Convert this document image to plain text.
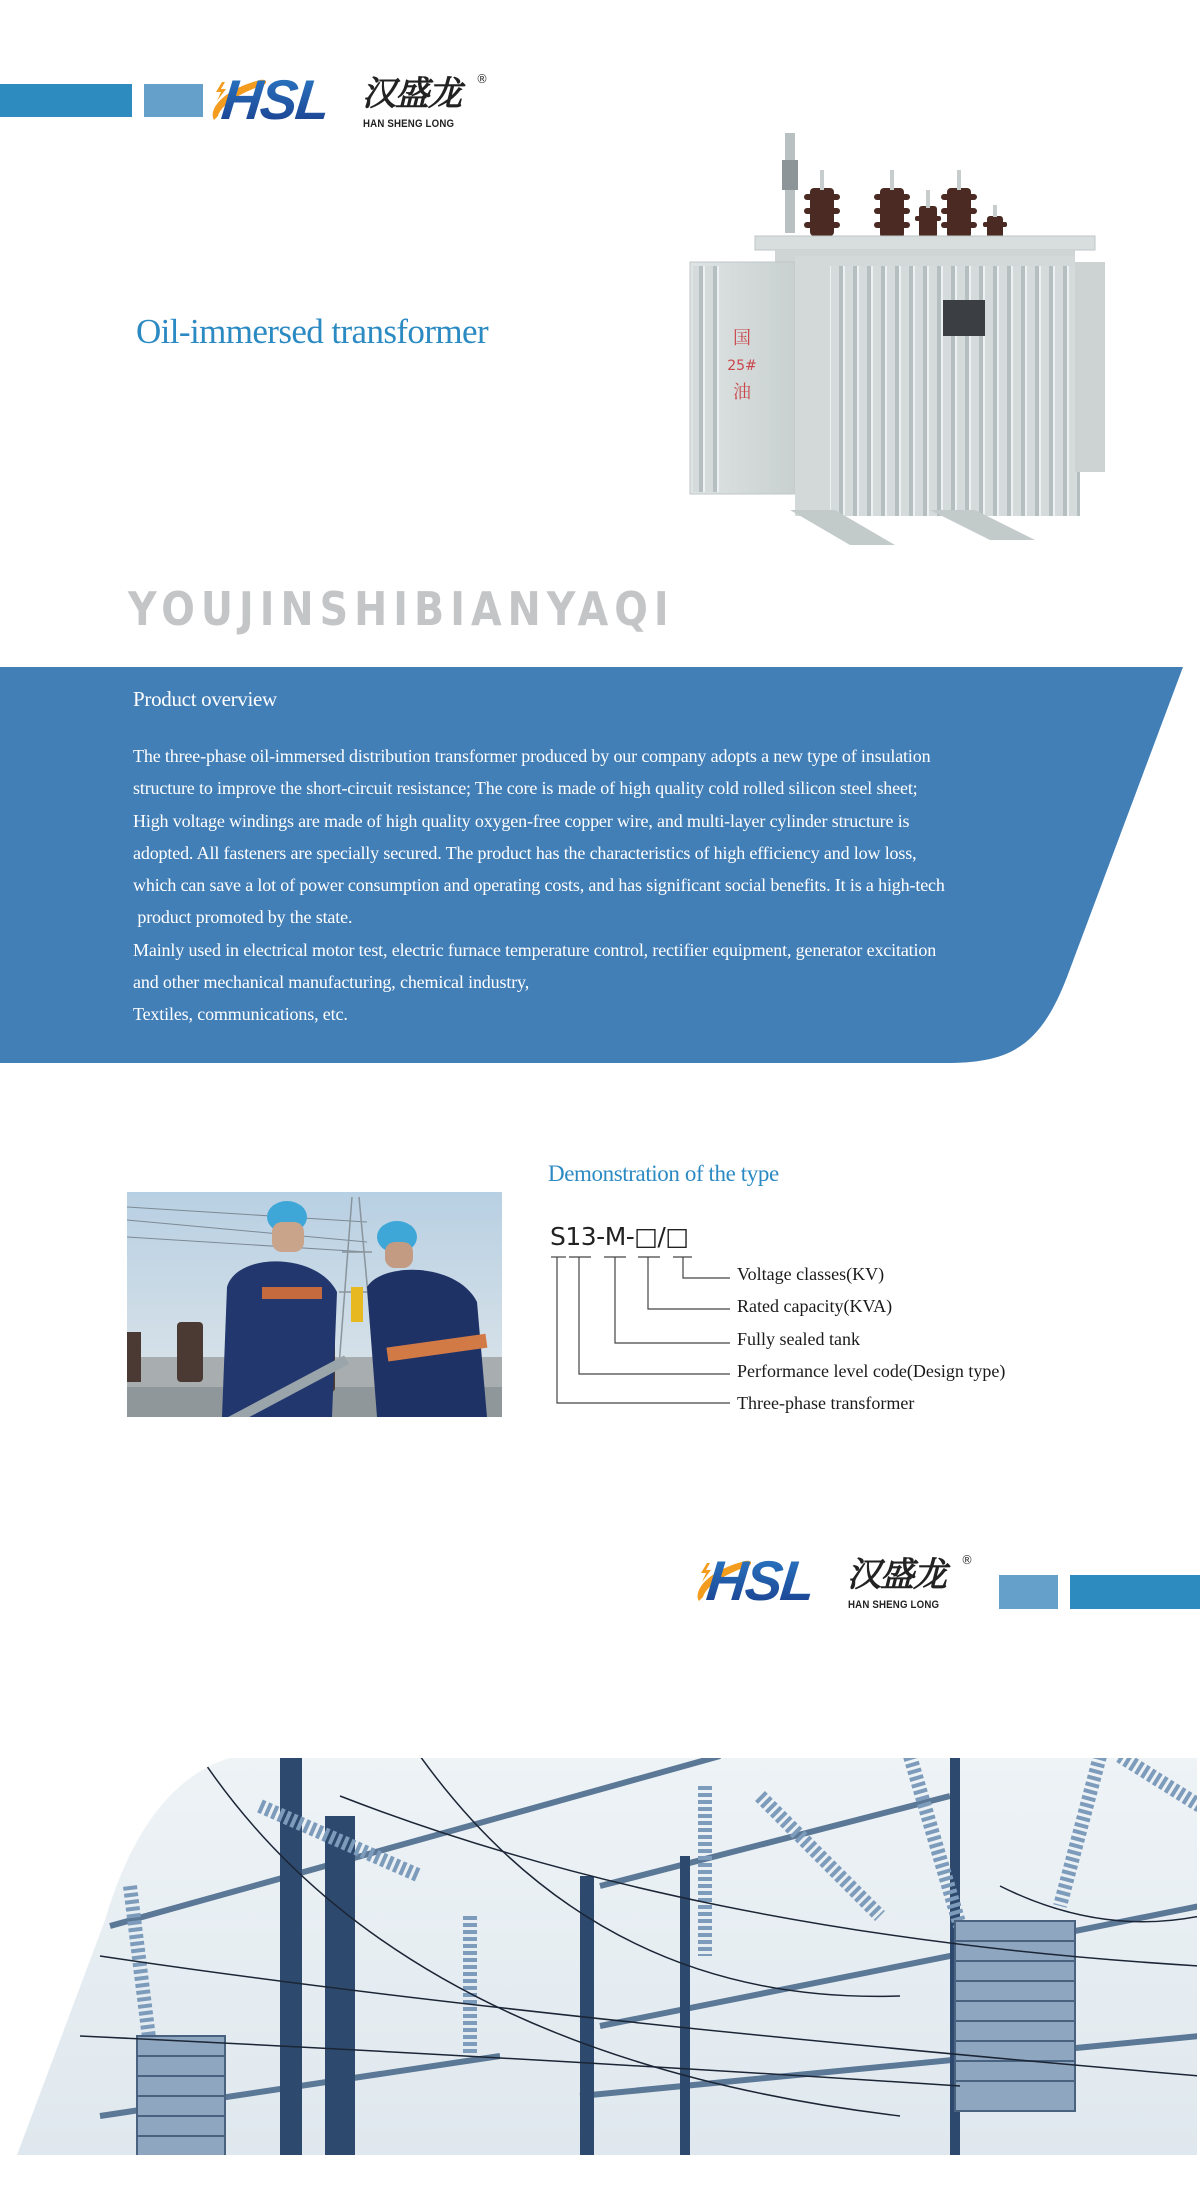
HSL 汉盛龙
HAN SHENG LONG
®
Oil-immersed transformer	国
25#
油
YOUJINSHIBIANYAQI
Product overview
The three-phase oil-immersed distribution transformer produced by our company adopts a new type of insulation
structure to improve the short-circuit resistance; The core is made of high quality cold rolled silicon steel sheet;
High voltage windings are made of high quality oxygen-free copper wire, and multi-layer cylinder structure is
adopted. All fasteners are specially secured. The product has the characteristics of high efficiency and low loss,
which can save a lot of power consumption and operating costs, and has significant social benefits. It is a high-tech
product promoted by the state.
Mainly used in electrical motor test, electric furnace temperature control, rectifier equipment, generator excitation
and other mechanical manufacturing, chemical industry,
Textiles, communications, etc.
Demonstration of the type
S13-M-□/□
Voltage classes(KV)
Rated capacity(KVA)
Fully sealed tank
Performance level code(Design type)
Three-phase transformer
HSL 汉盛龙
HAN SHENG LONG
®
